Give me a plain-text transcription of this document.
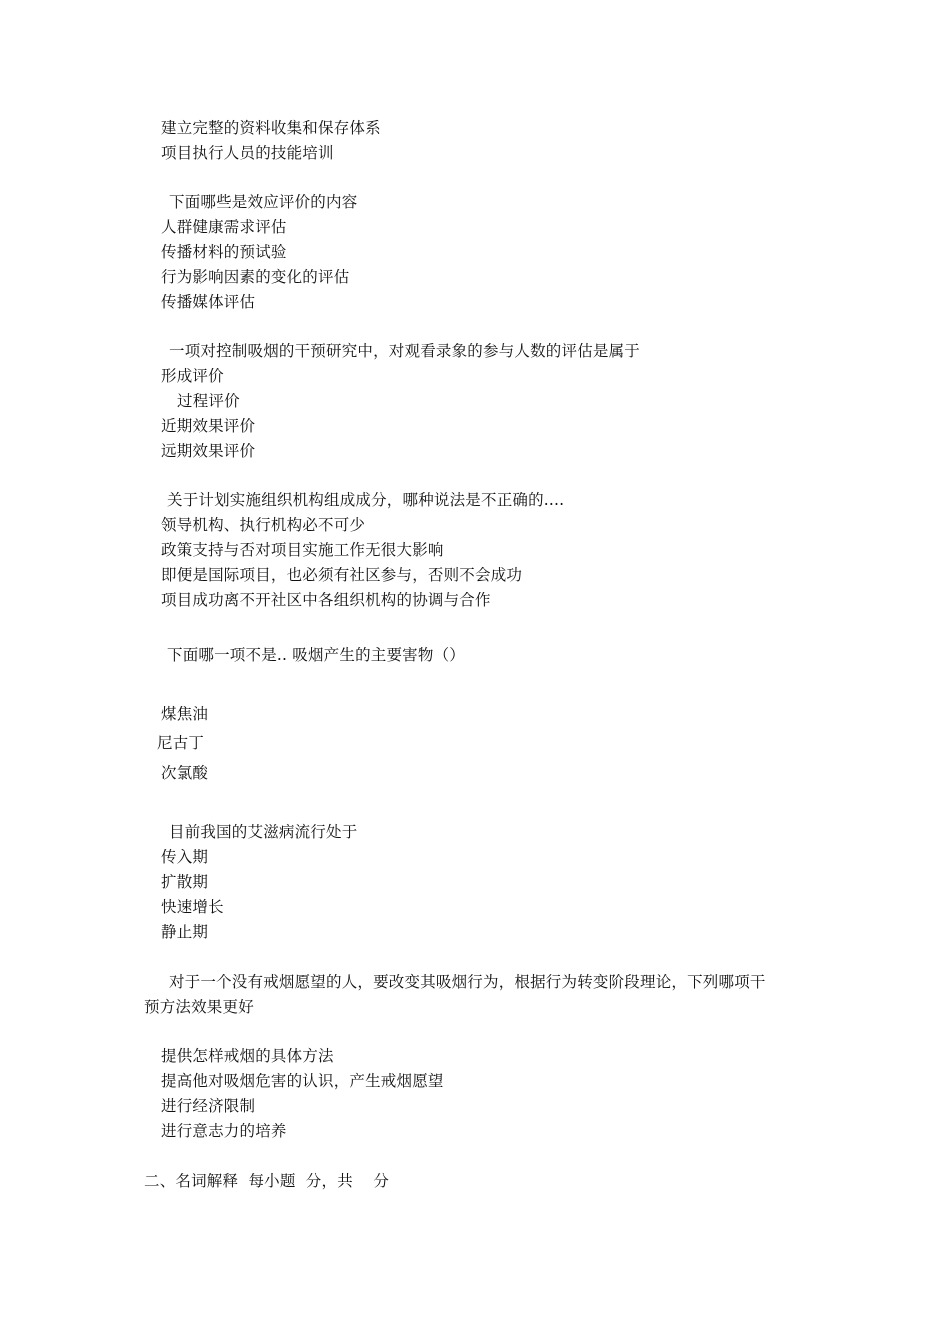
建立完整的资料收集和保存体系
项目执行人员的技能培训
下面哪些是效应评价的内容
人群健康需求评估
传播材料的预试验
行为影响因素的变化的评估
传播媒体评估
一项对控制吸烟的干预研究中，对观看录象的参与人数的评估是属于
形成评价
过程评价
近期效果评价
远期效果评价
关于计划实施组织机构组成成分，哪种说法是不正确的....
领导机构、执行机构必不可少
政策支持与否对项目实施工作无很大影响
即便是国际项目，也必须有社区参与，否则不会成功
项目成功离不开社区中各组织机构的协调与合作
下面哪一项不是.. 吸烟产生的主要害物（）
煤焦油
尼古丁
次氯酸
目前我国的艾滋病流行处于
传入期
扩散期
快速增长
静止期
对于一个没有戒烟愿望的人，要改变其吸烟行为，根据行为转变阶段理论，下列哪项干
预方法效果更好
提供怎样戒烟的具体方法
提高他对吸烟危害的认识，产生戒烟愿望
进行经济限制
进行意志力的培养
二、名词解释  每小题  分，共    分
